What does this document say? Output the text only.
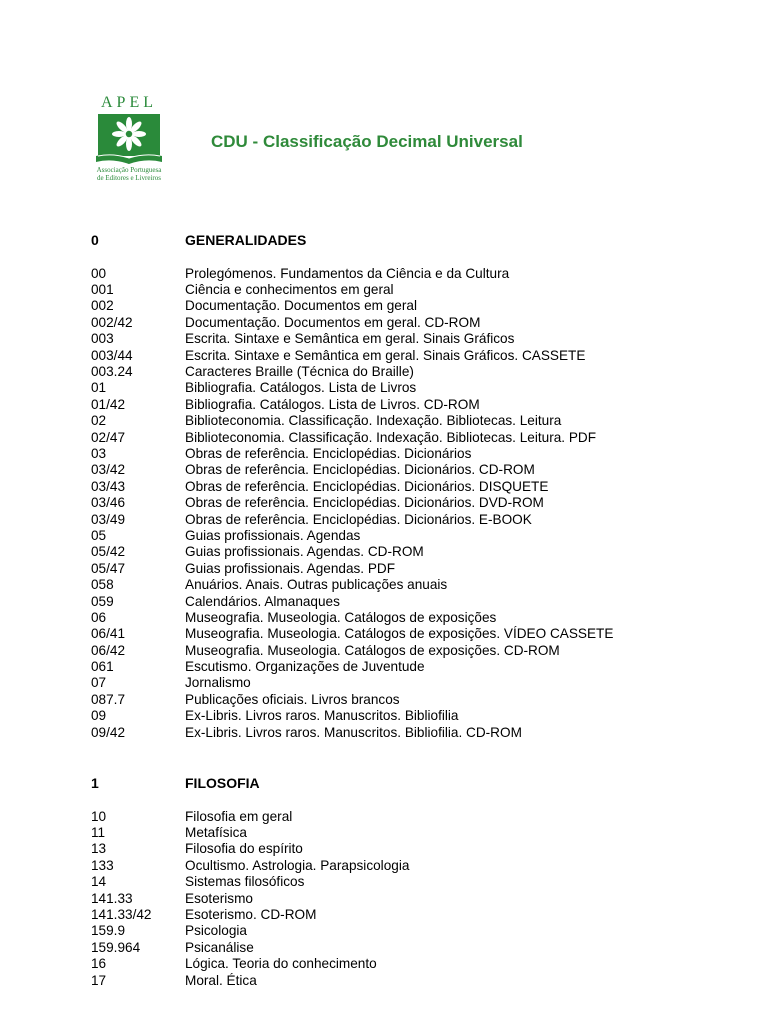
APEL
Associação Portuguesa
de Editores e Livreiros
CDU - Classificação Decimal Universal
0	GENERALIDADES
00	Prolegómenos. Fundamentos da Ciência e da Cultura
001	Ciência e conhecimentos em geral
002	Documentação. Documentos em geral
002/42	Documentação. Documentos em geral. CD-ROM
003	Escrita. Sintaxe e Semântica em geral. Sinais Gráficos
003/44	Escrita. Sintaxe e Semântica em geral. Sinais Gráficos. CASSETE
003.24	Caracteres Braille (Técnica do Braille)
01	Bibliografia. Catálogos. Lista de Livros
01/42	Bibliografia. Catálogos. Lista de Livros. CD-ROM
02	Biblioteconomia. Classificação. Indexação. Bibliotecas. Leitura
02/47	Biblioteconomia. Classificação. Indexação. Bibliotecas. Leitura. PDF
03	Obras de referência. Enciclopédias. Dicionários
03/42	Obras de referência. Enciclopédias. Dicionários. CD-ROM
03/43	Obras de referência. Enciclopédias. Dicionários. DISQUETE
03/46	Obras de referência. Enciclopédias. Dicionários. DVD-ROM
03/49	Obras de referência. Enciclopédias. Dicionários. E-BOOK
05	Guias profissionais. Agendas
05/42	Guias profissionais. Agendas. CD-ROM
05/47	Guias profissionais. Agendas. PDF
058	Anuários. Anais. Outras publicações anuais
059	Calendários. Almanaques
06	Museografia. Museologia. Catálogos de exposições
06/41	Museografia. Museologia. Catálogos de exposições. VÍDEO CASSETE
06/42	Museografia. Museologia. Catálogos de exposições. CD-ROM
061	Escutismo. Organizações de Juventude
07	Jornalismo
087.7	Publicações oficiais. Livros brancos
09	Ex-Libris. Livros raros. Manuscritos. Bibliofilia
09/42	Ex-Libris. Livros raros. Manuscritos. Bibliofilia. CD-ROM
1	FILOSOFIA
10	Filosofia em geral
11	Metafísica
13	Filosofia do espírito
133	Ocultismo. Astrologia. Parapsicologia
14	Sistemas filosóficos
141.33	Esoterismo
141.33/42	Esoterismo. CD-ROM
159.9	Psicologia
159.964	Psicanálise
16	Lógica. Teoria do conhecimento
17	Moral. Ética
